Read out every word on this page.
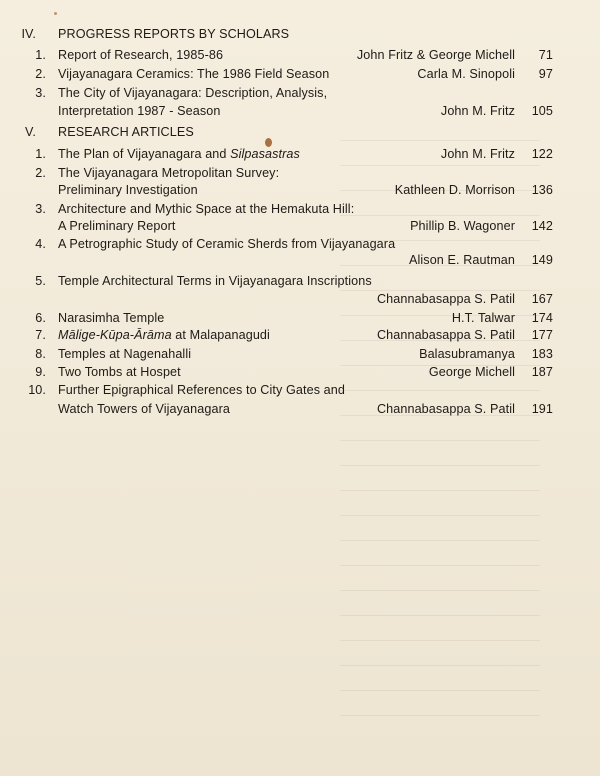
IV. PROGRESS REPORTS BY SCHOLARS
1. Report of Research, 1985-86	John Fritz & George Michell	71
2. Vijayanagara Ceramics: The 1986 Field Season	Carla M. Sinopoli	97
3. The City of Vijayanagara: Description, Analysis,
Interpretation 1987 - Season	John M. Fritz	105
V. RESEARCH ARTICLES
1. The Plan of Vijayanagara and Silpasastras	John M. Fritz	122
2. The Vijayanagara Metropolitan Survey:
Preliminary Investigation	Kathleen D. Morrison	136
3. Architecture and Mythic Space at the Hemakuta Hill:
A Preliminary Report	Phillip B. Wagoner	142
4. A Petrographic Study of Ceramic Sherds from Vijayanagara
Alison E. Rautman	149
5. Temple Architectural Terms in Vijayanagara Inscriptions
Channabasappa S. Patil	167
6. Narasimha Temple	H.T. Talwar	174
7. Mālige-Kūpa-Ārāma at Malapanagudi	Channabasappa S. Patil	177
8. Temples at Nagenahalli	Balasubramanya	183
9. Two Tombs at Hospet	George Michell	187
10. Further Epigraphical References to City Gates and
Watch Towers of Vijayanagara	Channabasappa S. Patil	191
